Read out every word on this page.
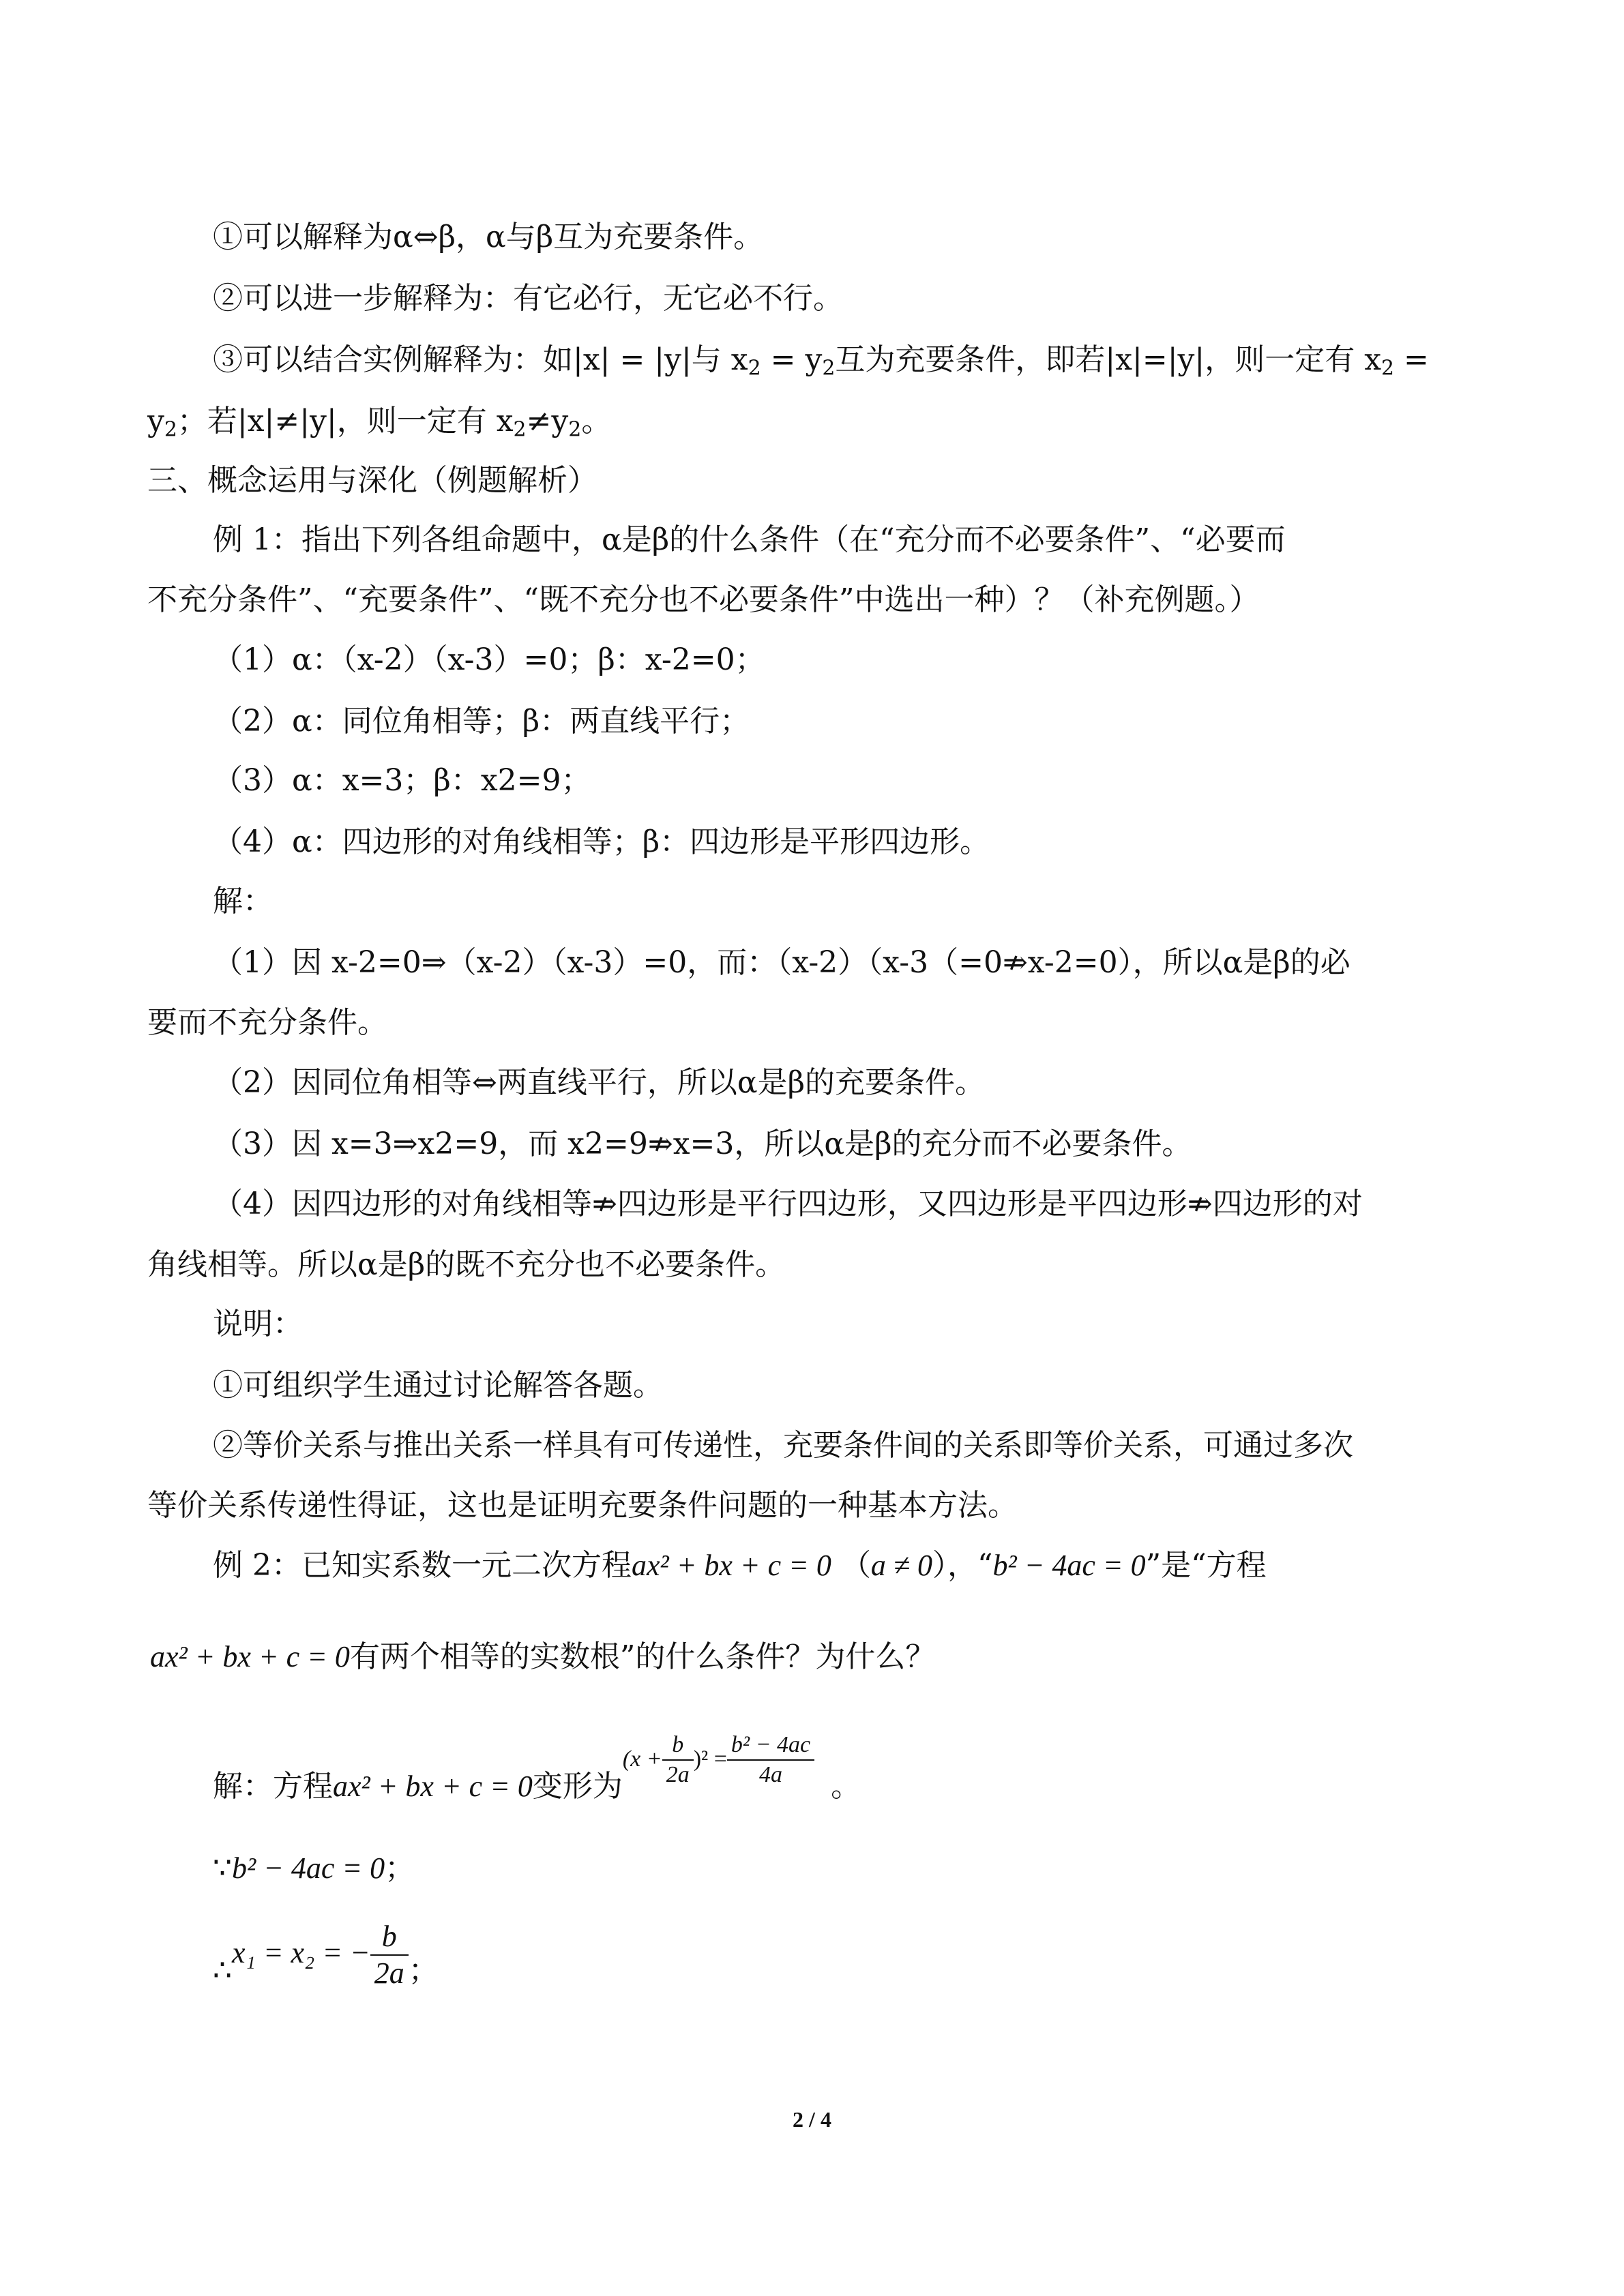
①可以解释为α⇔β，α与β互为充要条件。

②可以进一步解释为：有它必行，无它必不行。

③可以结合实例解释为：如|x| = |y|与 $x_2 = y_2$互为充要条件，即若|x|=|y|，则一定有 $x_2$ =

$y_2$；若|x|≠|y|，则一定有 $x_2\ne y_2$。

三、概念运用与深化（例题解析）

例 1：指出下列各组命题中，α是β的什么条件（在“充分而不必要条件”、“必要而

不充分条件”、“充要条件”、“既不充分也不必要条件”中选出一种）？（补充例题。）

（1）α：（x-2）（x-3）=0；β：x-2=0；

（2）α：同位角相等；β：两直线平行；

（3）α：x=3；β：x2=9；

（4）α：四边形的对角线相等；β：四边形是平形四边形。

解：

（1）因 x-2=0⇒（x-2）（x-3）=0，而：（x-2）（x-3（=0⇏x-2=0），所以α是β的必

要而不充分条件。

（2）因同位角相等⇔两直线平行，所以α是β的充要条件。

（3）因 x=3⇒x2=9，而 x2=9⇏x=3，所以α是β的充分而不必要条件。

（4）因四边形的对角线相等⇏四边形是平行四边形，又四边形是平四边形⇏四边形的对

角线相等。所以α是β的既不充分也不必要条件。

说明：

①可组织学生通过讨论解答各题。

②等价关系与推出关系一样具有可传递性，充要条件间的关系即等价关系，可通过多次

等价关系传递性得证，这也是证明充要条件问题的一种基本方法。

例 2：已知实系数一元二次方程ax² + bx + c = 0 （a ≠ 0），“b² − 4ac = 0”是“方程

ax² + bx + c = 0有两个相等的实数根”的什么条件？为什么？

解：方程ax² + bx + c = 0变形为$^{(x + \frac{b}{2a} )^2 = \frac{\text{b² − 4ac}}{4a}}$ 。

∵b² − 4ac = 0；

∴x₁ = x₂ = − $\frac{b}{2a}$ ；

2 / 4
